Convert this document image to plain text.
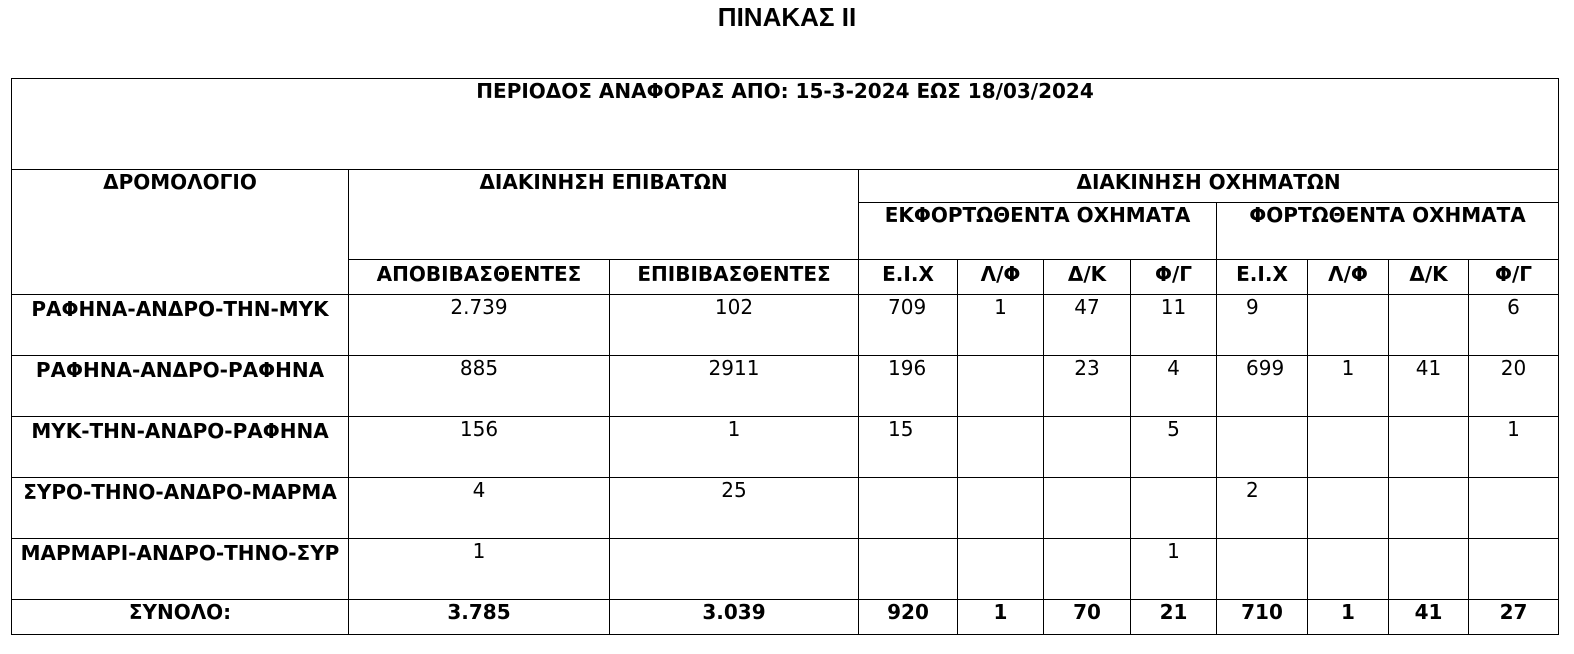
ΠΙΝΑΚΑΣ ΙΙ
ΠΕΡΙΟΔΟΣ ΑΝΑΦΟΡΑΣ ΑΠΟ: 15-3-2024 ΕΩΣ 18/03/2024										
ΔΡΟΜΟΛΟΓΙΟ	ΔΙΑΚΙΝΗΣΗ ΕΠΙΒΑΤΩΝ		ΔΙΑΚΙΝΗΣΗ ΟΧΗΜΑΤΩΝ							
			ΕΚΦΟΡΤΩΘΕΝΤΑ ΟΧΗΜΑΤΑ				ΦΟΡΤΩΘΕΝΤΑ ΟΧΗΜΑΤΑ			
	ΑΠΟΒΙΒΑΣΘΕΝΤΕΣ	ΕΠΙΒΙΒΑΣΘΕΝΤΕΣ	Ε.Ι.Χ	Λ/Φ	Δ/Κ	Φ/Γ	Ε.Ι.Χ	Λ/Φ	Δ/Κ	Φ/Γ
ΡΑΦΗΝΑ-ΑΝΔΡΟ-ΤΗΝ-ΜΥΚ	2.739	102	709	1	47	11	9			6
ΡΑΦΗΝΑ-ΑΝΔΡΟ-ΡΑΦΗΝΑ	885	2911	196		23	4	699	1	41	20
ΜΥΚ-ΤΗΝ-ΑΝΔΡΟ-ΡΑΦΗΝΑ	156	1	15			5				1
ΣΥΡΟ-ΤΗΝΟ-ΑΝΔΡΟ-ΜΑΡΜΑ	4	25					2			
ΜΑΡΜΑΡΙ-ΑΝΔΡΟ-ΤΗΝΟ-ΣΥΡ	1					1				
ΣΥΝΟΛΟ:	3.785	3.039	920	1	70	21	710	1	41	27
